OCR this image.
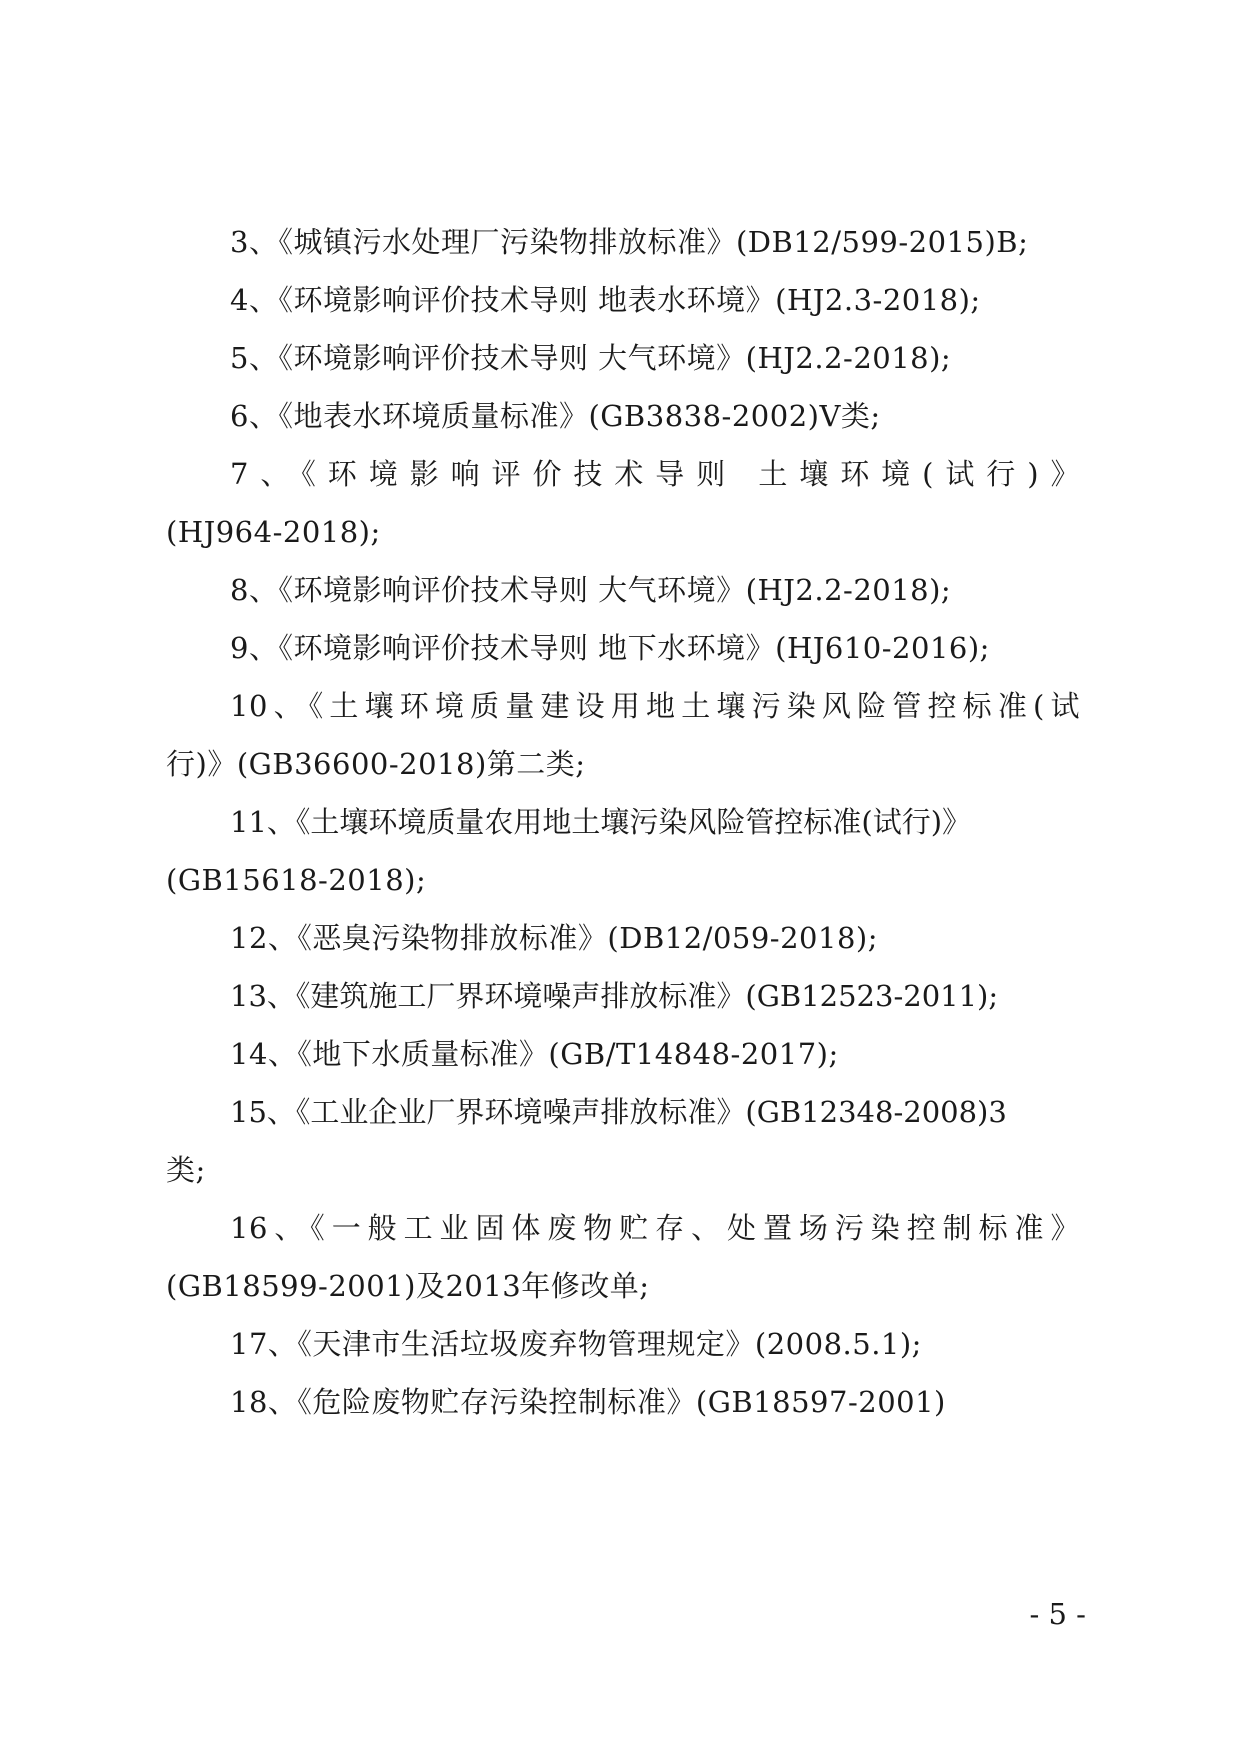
3、《城镇污水处理厂污染物排放标准》(DB12/599-2015)B;
4、《环境影响评价技术导则 地表水环境》(HJ2.3-2018);
5、《环境影响评价技术导则 大气环境》(HJ2.2-2018);
6、《地表水环境质量标准》(GB3838-2002)V类;
7、《环境影响评价技术导则 土壤环境(试行)》
(HJ964-2018);
8、《环境影响评价技术导则 大气环境》(HJ2.2-2018);
9、《环境影响评价技术导则 地下水环境》(HJ610-2016);
10、《土壤环境质量建设用地土壤污染风险管控标准(试
行)》(GB36600-2018)第二类;
11、《土壤环境质量农用地土壤污染风险管控标准(试行)》
(GB15618-2018);
12、《恶臭污染物排放标准》(DB12/059-2018);
13、《建筑施工厂界环境噪声排放标准》(GB12523-2011);
14、《地下水质量标准》(GB/T14848-2017);
15、《工业企业厂界环境噪声排放标准》(GB12348-2008)3
类;
16、《一般工业固体废物贮存、处置场污染控制标准》
(GB18599-2001)及2013年修改单;
17、《天津市生活垃圾废弃物管理规定》(2008.5.1);
18、《危险废物贮存污染控制标准》(GB18597-2001)
- 5 -
